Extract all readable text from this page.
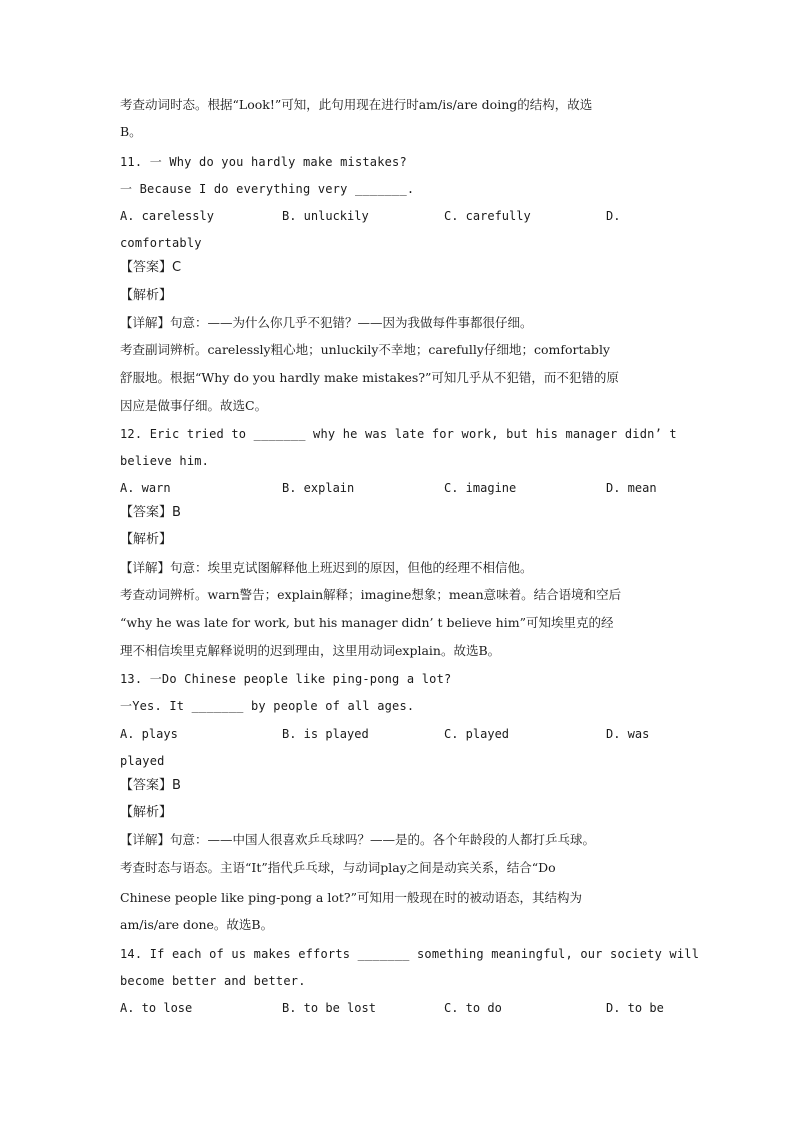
考查动词时态。根据“Look!”可知，此句用现在进行时am/is/are doing的结构，故选
B。
11. 一 Why do you hardly make mistakes?
一 Because I do everything very _______.
A. carelessly	B. unluckily	C. carefully	D.
comfortably
【答案】C
【解析】
【详解】句意：——为什么你几乎不犯错？——因为我做每件事都很仔细。
考查副词辨析。carelessly粗心地；unluckily不幸地；carefully仔细地；comfortably
舒服地。根据“Why do you hardly make mistakes?”可知几乎从不犯错，而不犯错的原
因应是做事仔细。故选C。
12. Eric tried to _______ why he was late for work, but his manager didn’ t
believe him.
A. warn	B. explain	C. imagine	D. mean
【答案】B
【解析】
【详解】句意：埃里克试图解释他上班迟到的原因，但他的经理不相信他。
考查动词辨析。warn警告；explain解释；imagine想象；mean意味着。结合语境和空后
“why he was late for work, but his manager didn’ t believe him”可知埃里克的经
理不相信埃里克解释说明的迟到理由，这里用动词explain。故选B。
13. 一Do Chinese people like ping-pong a lot?
一Yes. It _______ by people of all ages.
A. plays	B. is played	C. played	D. was
played
【答案】B
【解析】
【详解】句意：——中国人很喜欢乒乓球吗？——是的。各个年龄段的人都打乒乓球。
考查时态与语态。主语“It”指代乒乓球，与动词play之间是动宾关系，结合“Do
Chinese people like ping-pong a lot?”可知用一般现在时的被动语态，其结构为
am/is/are done。故选B。
14. If each of us makes efforts _______ something meaningful, our society will
become better and better.
A. to lose	B. to be lost	C. to do	D. to be
